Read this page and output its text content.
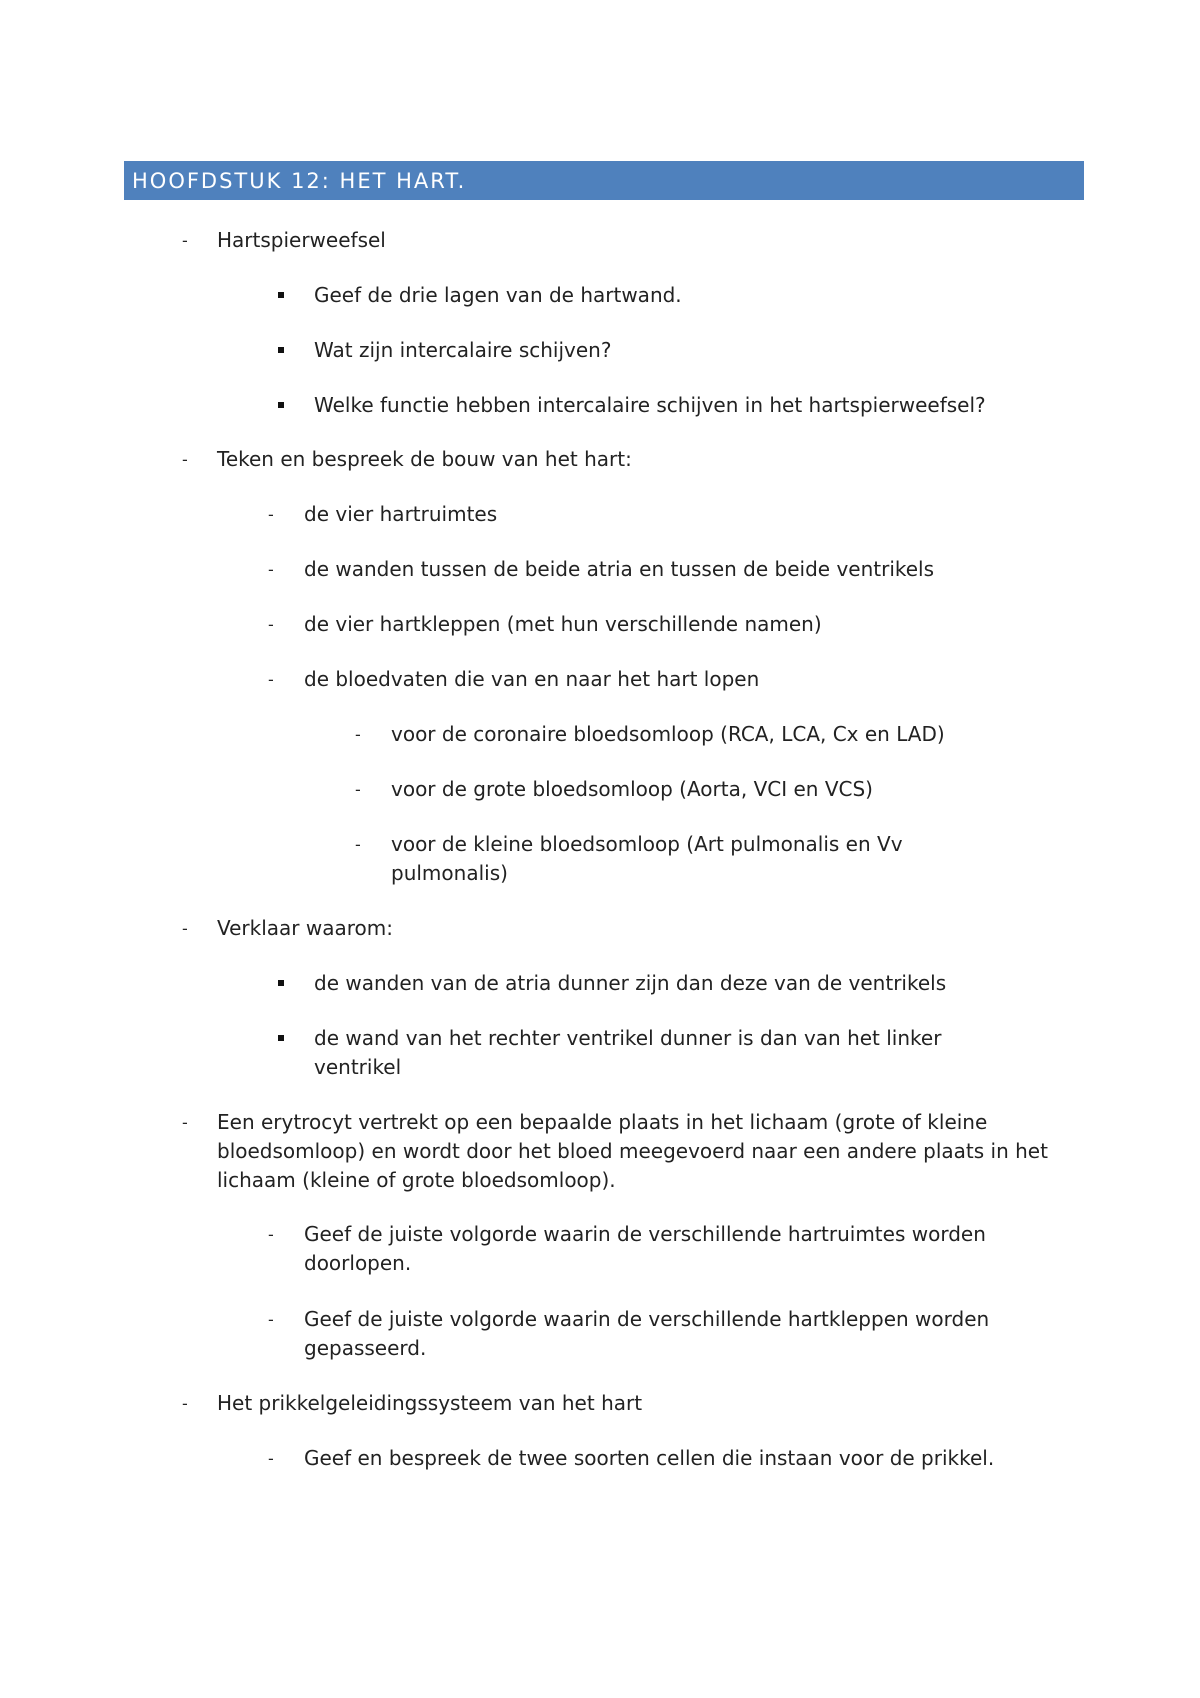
HOOFDSTUK 12: HET HART.
- Hartspierweefsel
Geef de drie lagen van de hartwand.
Wat zijn intercalaire schijven?
Welke functie hebben intercalaire schijven in het hartspierweefsel?
- Teken en bespreek de bouw van het hart:
- de vier hartruimtes
- de wanden tussen de beide atria en tussen de beide ventrikels
- de vier hartkleppen (met hun verschillende namen)
- de bloedvaten die van en naar het hart lopen
- voor de coronaire bloedsomloop (RCA, LCA, Cx en LAD)
- voor de grote bloedsomloop (Aorta, VCI en VCS)
- voor de kleine bloedsomloop (Art pulmonalis en Vv pulmonalis)
- Verklaar waarom:
de wanden van de atria dunner zijn dan deze van de ventrikels
de wand van het rechter ventrikel dunner is dan van het linker ventrikel
- Een erytrocyt vertrekt op een bepaalde plaats in het lichaam (grote of kleine bloedsomloop) en wordt door het bloed meegevoerd naar een andere plaats in het lichaam (kleine of grote bloedsomloop).
- Geef de juiste volgorde waarin de verschillende hartruimtes worden doorlopen.
- Geef de juiste volgorde waarin de verschillende hartkleppen worden gepasseerd.
- Het prikkelgeleidingssysteem van het hart
- Geef en bespreek de twee soorten cellen die instaan voor de prikkel.
